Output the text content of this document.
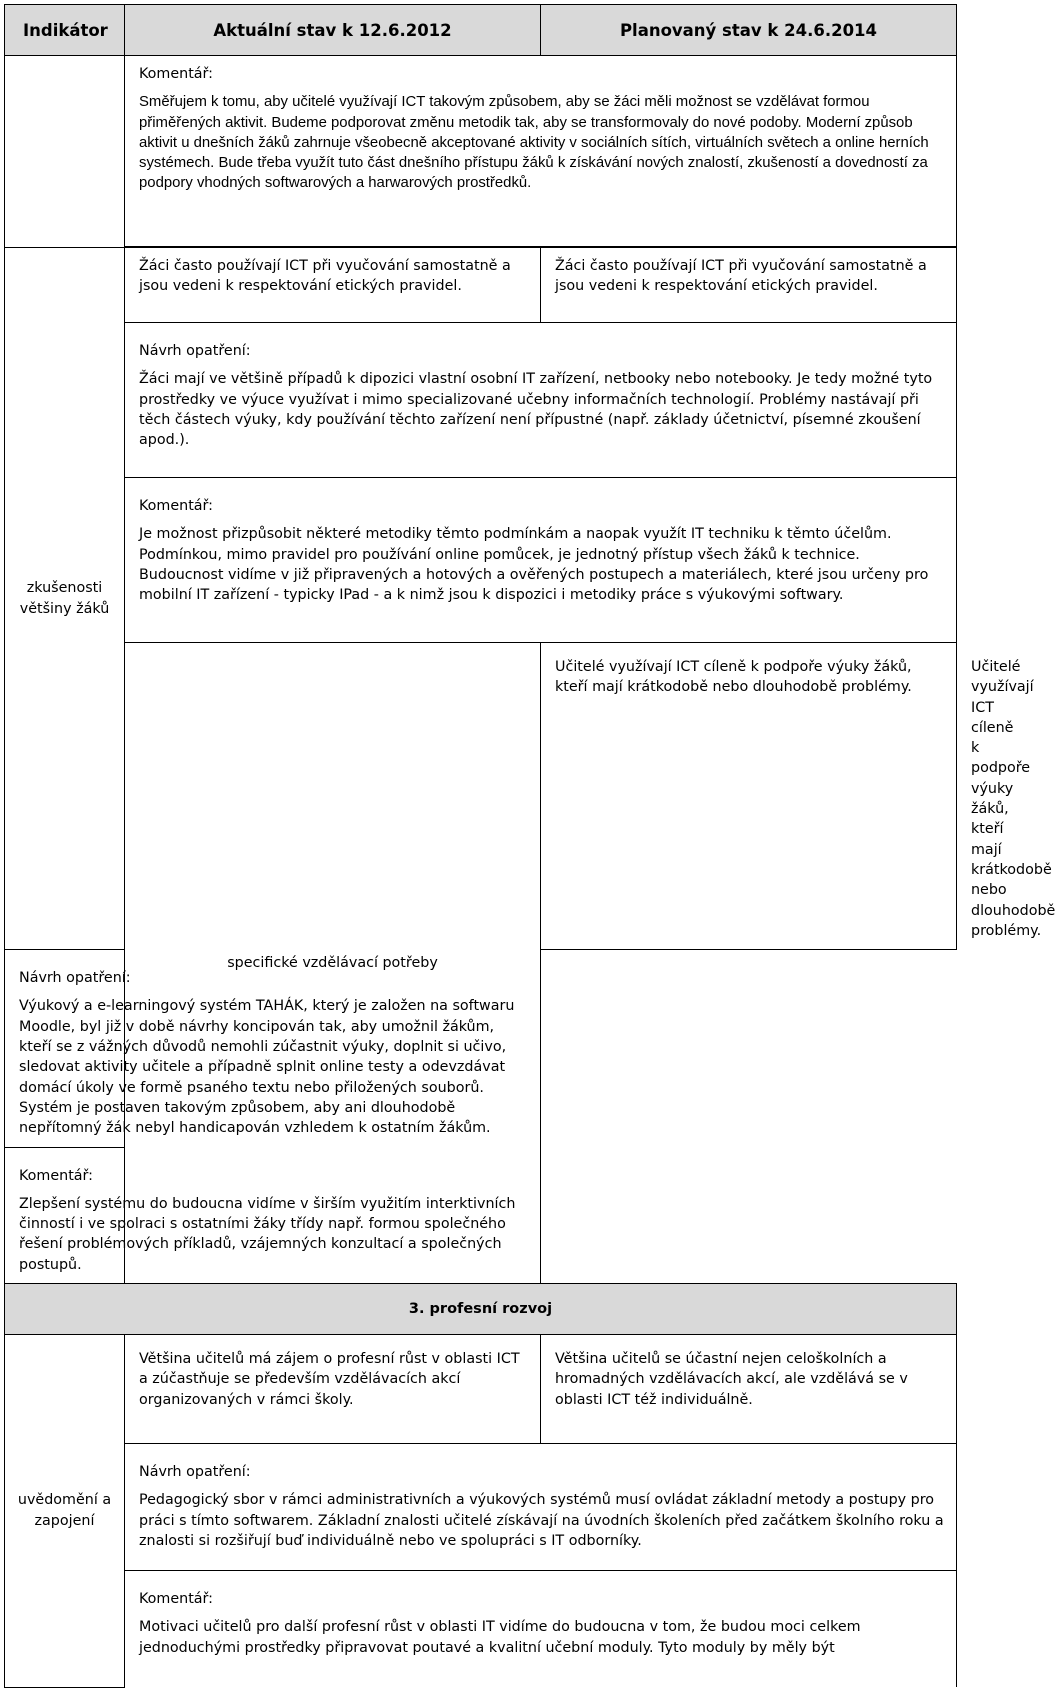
Indikátor	Aktuální stav k 12.6.2012	Planovaný stav k 24.6.2014	

	Komentář:

Směřujem k tomu, aby učitelé využívají ICT takovým způsobem, aby se žáci měli možnost se vzdělávat formou přiměřených aktivit. Budeme podporovat změnu metodik tak, aby se transformovaly do nové podoby. Moderní způsob aktivit u dnešních žáků zahrnuje všeobecně akceptované aktivity v sociálních sítích, virtuálních světech a online herních systémech. Bude třeba využít tuto část dnešního přístupu žáků k získávání nových znalostí, zkušeností a dovedností za podpory vhodných softwarových a harwarových prostředků.		

zkušenosti většiny žáků	Žáci často používají ICT při vyučování samostatně a jsou vedeni k respektování etických pravidel.	Žáci často používají ICT při vyučování samostatně a jsou vedeni k respektování etických pravidel.	

	Návrh opatření:

Žáci mají ve většině případů k dipozici vlastní osobní IT zařízení, netbooky nebo notebooky. Je tedy možné tyto prostředky ve výuce využívat i mimo specializované učebny informačních technologií. Problémy nastávají při těch částech výuky, kdy používání těchto zařízení není přípustné (např. základy účetnictví, písemné zkoušení apod.).		

	Komentář:

Je možnost přizpůsobit některé metodiky těmto podmínkám a naopak využít IT techniku k těmto účelům. Podmínkou, mimo pravidel pro používání online pomůcek, je jednotný přístup všech žáků k technice. Budoucnost vidíme v již připravených a hotových a ověřených postupech a materiálech, které jsou určeny pro mobilní IT zařízení - typicky IPad - a k nimž jsou k dispozici i metodiky práce s výukovými softwary.		

	specifické vzdělávací potřeby	Učitelé využívají ICT cíleně k podpoře výuky žáků, kteří mají krátkodobě nebo dlouhodobě problémy.	Učitelé využívají ICT cíleně k podpoře výuky žáků, kteří mají krátkodobě nebo dlouhodobě problémy.

Návrh opatření:

Výukový a e-learningový systém TAHÁK, který je založen na softwaru Moodle, byl již v době návrhy koncipován tak, aby umožnil žákům, kteří se z vážných důvodů nemohli zúčastnit výuky, doplnit si učivo, sledovat aktivity učitele a případně splnit online testy a odevzdávat domácí úkoly ve formě psaného textu nebo přiložených souborů. Systém je postaven takovým způsobem, aby ani dlouhodobě nepřítomný žák nebyl handicapován vzhledem k ostatním žákům.			

Komentář:

Zlepšení systému do budoucna vidíme v širším využitím interktivních činností i ve spolraci s ostatními žáky třídy např. formou společného řešení problémových příkladů, vzájemných konzultací a společných postupů.			

3. profesní rozvoj			
uvědomění a zapojení	Většina učitelů má zájem o profesní růst v oblasti ICT a zúčastňuje se především vzdělávacích akcí organizovaných v rámci školy.	Většina učitelů se účastní nejen celoškolních a hromadných vzdělávacích akcí, ale vzdělává se v oblasti ICT též individuálně.	

	Návrh opatření:

Pedagogický sbor v rámci administrativních a výukových systémů musí ovládat základní metody a postupy pro práci s tímto softwarem. Základní znalosti učitelé získávají na úvodních školeních před začátkem školního roku a znalosti si rozšiřují buď individuálně nebo ve spolupráci s IT odborníky.		

	Komentář:

Motivaci učitelů pro další profesní růst v oblasti IT vidíme do budoucna v tom, že budou moci celkem jednoduchými prostředky připravovat poutavé a kvalitní učební moduly. Tyto moduly by měly být		
